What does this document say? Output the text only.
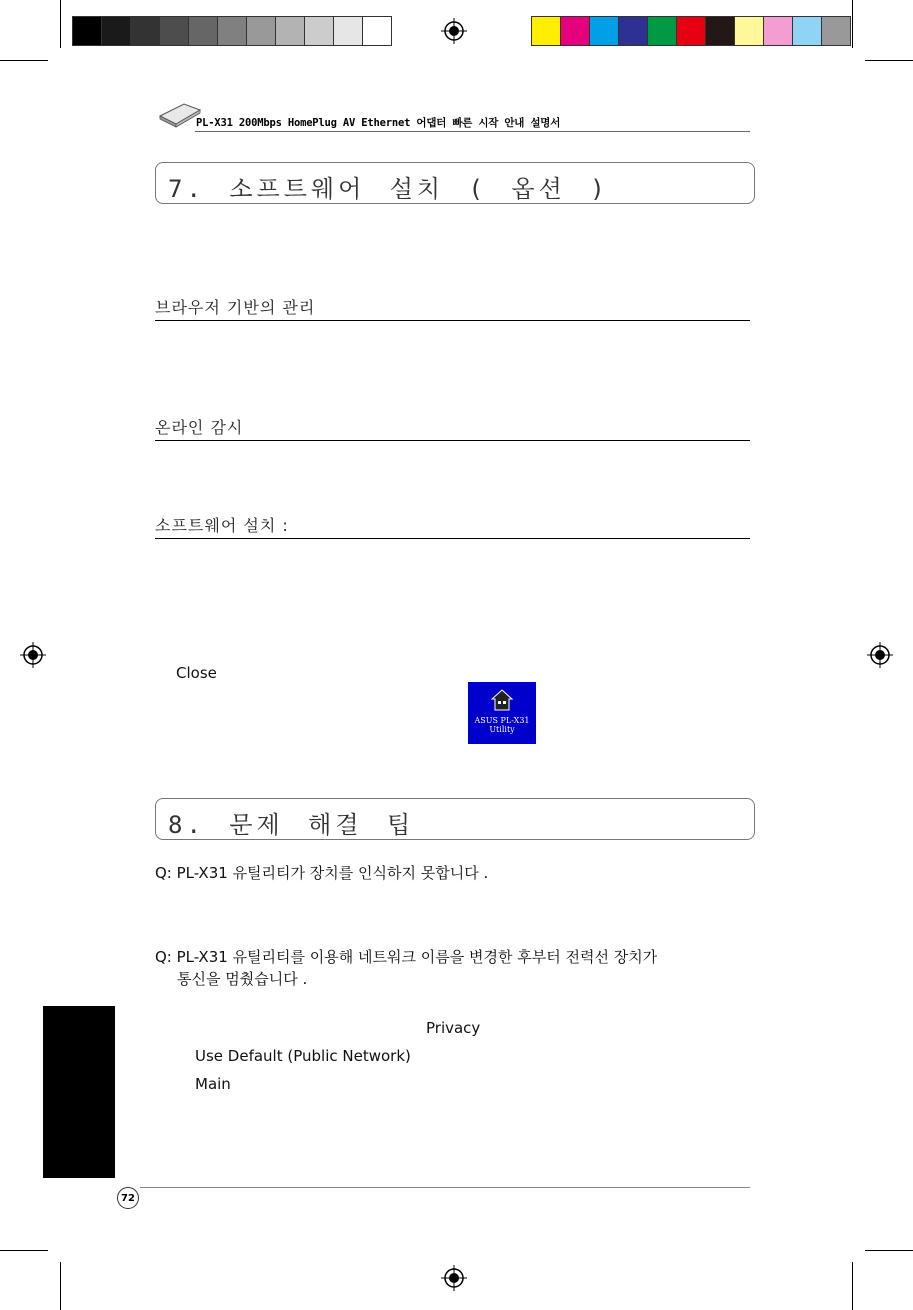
PL-X31 200Mbps HomePlug AV Ethernet 어댑터 빠른 시작 안내 설명서
7. 소프트웨어 설치 ( 옵션 )
브라우저 기반의 관리
온라인 감시
소프트웨어 설치 :
Close
ASUS PL-X31
Utility
8. 문제 해결 팁
Q: PL-X31 유틸리티가 장치를 인식하지 못합니다 .
Q: PL-X31 유틸리티를 이용해 네트워크 이름을 변경한 후부터 전력선 장치가
통신을 멈췄습니다 .
Privacy
Use Default (Public Network)
Main
72
